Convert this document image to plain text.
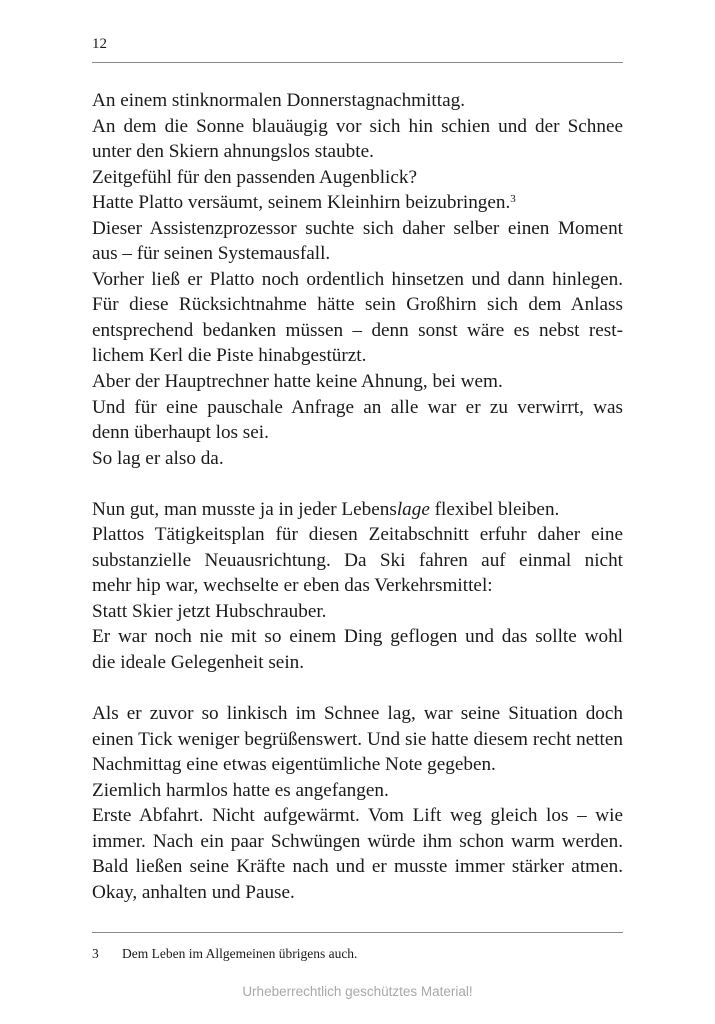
12
An einem stinknormalen Donnerstagnachmittag.
An dem die Sonne blauäugig vor sich hin schien und der Schnee
unter den Skiern ahnungslos staubte.
Zeitgefühl für den passenden Augenblick?
Hatte Platto versäumt, seinem Kleinhirn beizubringen.$^3$
Dieser Assistenzprozessor suchte sich daher selber einen Moment
aus – für seinen Systemausfall.
Vorher ließ er Platto noch ordentlich hinsetzen und dann hinlegen.
Für diese Rücksichtnahme hätte sein Großhirn sich dem Anlass
entsprechend bedanken müssen – denn sonst wäre es nebst rest-
lichem Kerl die Piste hinabgestürzt.
Aber der Hauptrechner hatte keine Ahnung, bei wem.
Und für eine pauschale Anfrage an alle war er zu verwirrt, was
denn überhaupt los sei.
So lag er also da.
Nun gut, man musste ja in jeder Lebenslage flexibel bleiben.
Plattos Tätigkeitsplan für diesen Zeitabschnitt erfuhr daher eine
substanzielle Neuausrichtung. Da Ski fahren auf einmal nicht
mehr hip war, wechselte er eben das Verkehrsmittel:
Statt Skier jetzt Hubschrauber.
Er war noch nie mit so einem Ding geflogen und das sollte wohl
die ideale Gelegenheit sein.
Als er zuvor so linkisch im Schnee lag, war seine Situation doch
einen Tick weniger begrüßenswert. Und sie hatte diesem recht netten
Nachmittag eine etwas eigentümliche Note gegeben.
Ziemlich harmlos hatte es angefangen.
Erste Abfahrt. Nicht aufgewärmt. Vom Lift weg gleich los – wie
immer. Nach ein paar Schwüngen würde ihm schon warm werden.
Bald ließen seine Kräfte nach und er musste immer stärker atmen.
Okay, anhalten und Pause.
3 Dem Leben im Allgemeinen übrigens auch.
Urheberrechtlich geschütztes Material!
